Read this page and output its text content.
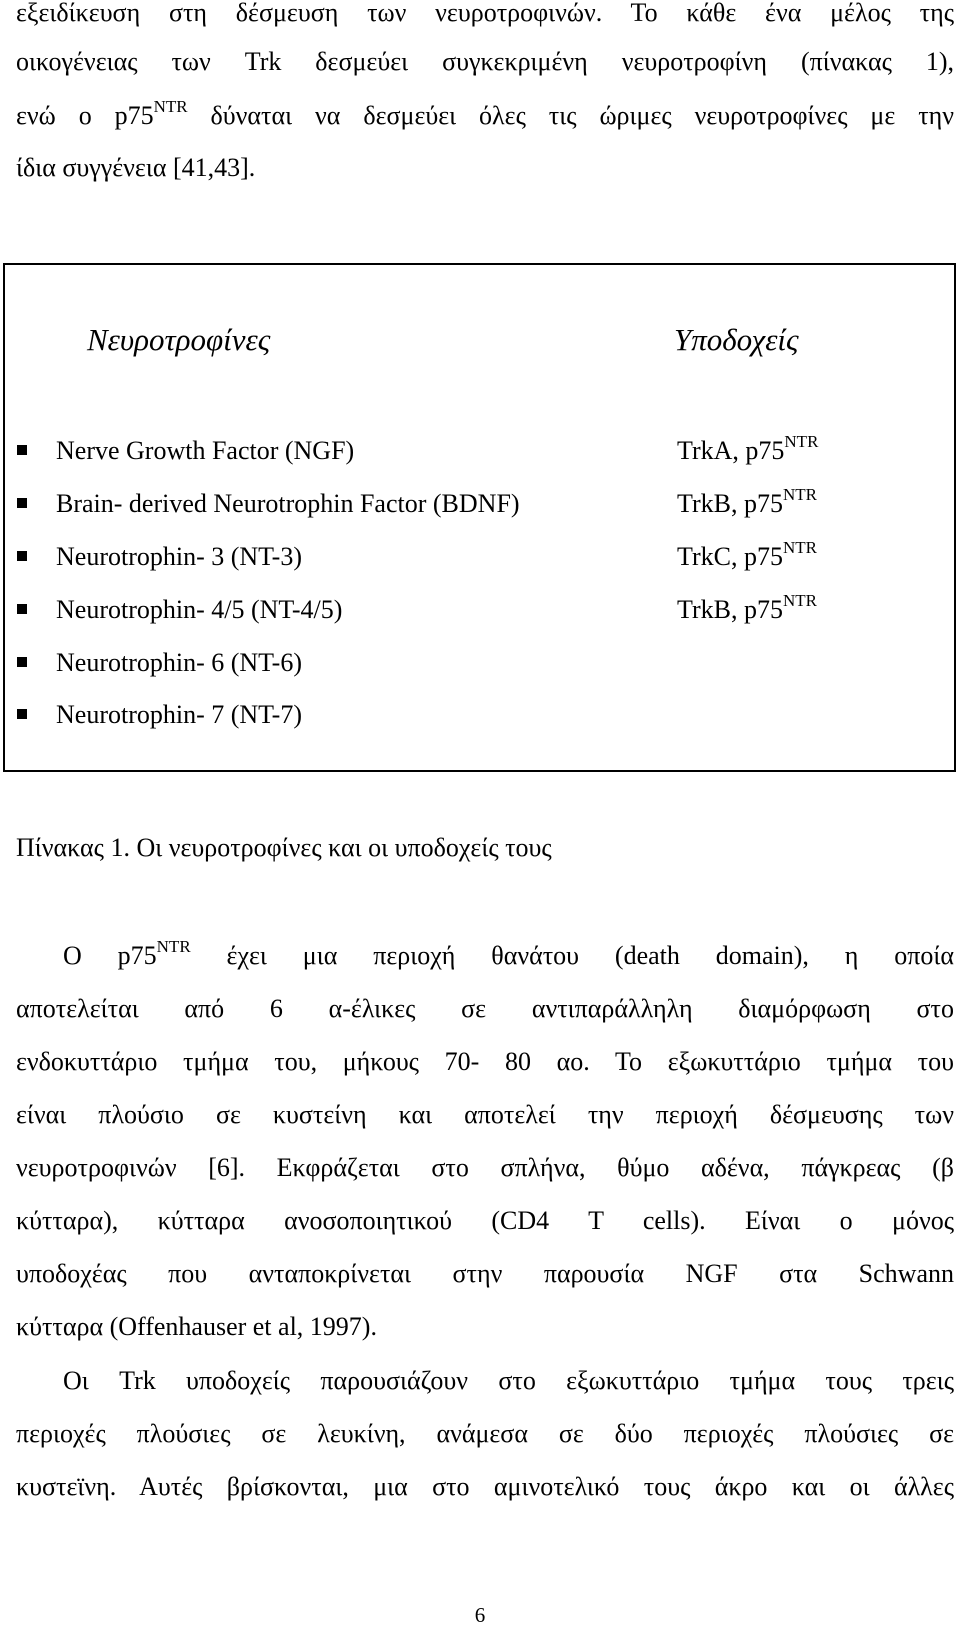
εξειδίκευση στη δέσμευση των νευροτροφινών. Το κάθε ένα μέλος της
οικογένειας των Trk δεσμεύει συγκεκριμένη νευροτροφίνη (πίνακας 1),
ενώ ο $p75^{NTR}$ δύναται να δεσμεύει όλες τις ώριμες νευροτροφίνες με την
ίδια συγγένεια [41,43].
Νευροτροφίνες	Υποδοχείς
Nerve Growth Factor (NGF)	TrkA, $p75^{NTR}$
Brain- derived Neurotrophin Factor (BDNF)	TrkB, $p75^{NTR}$
Neurotrophin- 3 (NT-3)	TrkC, $p75^{NTR}$
Neurotrophin- 4/5 (NT-4/5)	TrkB, $p75^{NTR}$
Neurotrophin- 6 (NT-6)
Neurotrophin- 7 (NT-7)
Πίνακας 1. Οι νευροτροφίνες και οι υποδοχείς τους
Ο $p75^{NTR}$ έχει μια περιοχή θανάτου (death domain), η οποία
αποτελείται από 6 α-έλικες σε αντιπαράλληλη διαμόρφωση στο
ενδοκυττάριο τμήμα του, μήκους 70- 80 αο. Το εξωκυττάριο τμήμα του
είναι πλούσιο σε κυστείνη και αποτελεί την περιοχή δέσμευσης των
νευροτροφινών [6]. Εκφράζεται στο σπλήνα, θύμο αδένα, πάγκρεας (β
κύτταρα), κύτταρα ανοσοποιητικού (CD4 T cells). Είναι ο μόνος
υποδοχέας που ανταποκρίνεται στην παρουσία NGF στα Schwann
κύτταρα (Offenhauser et al, 1997).
Οι Trk υποδοχείς παρουσιάζουν στο εξωκυττάριο τμήμα τους τρεις
περιοχές πλούσιες σε λευκίνη, ανάμεσα σε δύο περιοχές πλούσιες σε
κυστεϊνη. Αυτές βρίσκονται, μια στο αμινοτελικό τους άκρο και οι άλλες
6
